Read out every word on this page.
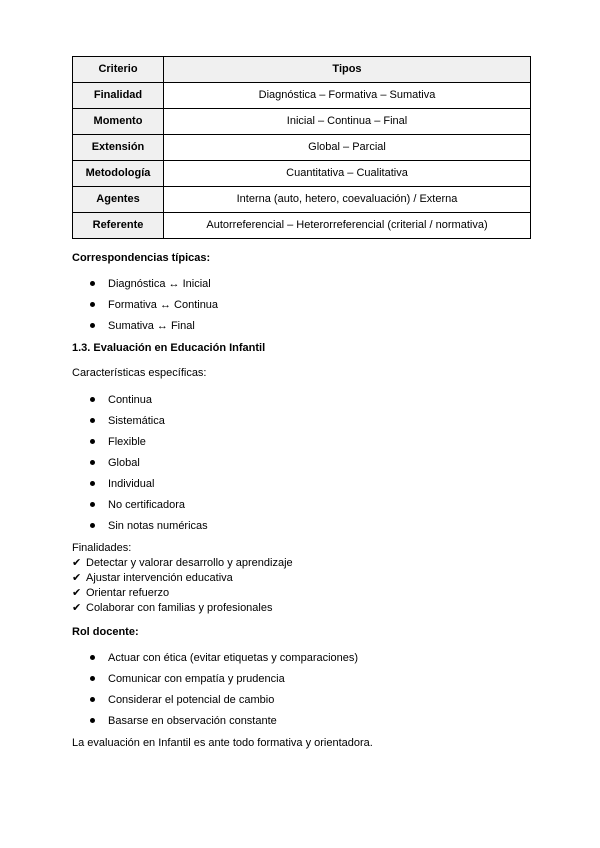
Criterio	Tipos
Finalidad	Diagnóstica – Formativa – Sumativa
Momento	Inicial – Continua – Final
Extensión	Global – Parcial
Metodología	Cuantitativa – Cualitativa
Agentes	Interna (auto, hetero, coevaluación) / Externa
Referente	Autorreferencial – Heterorreferencial (criterial / normativa)

Correspondencias típicas:

Diagnóstica ↔ Inicial
Formativa ↔ Continua
Sumativa ↔ Final

1.3. Evaluación en Educación Infantil

Características específicas:

Continua
Sistemática
Flexible
Global
Individual
No certificadora
Sin notas numéricas

Finalidades:

✔ Detectar y valorar desarrollo y aprendizaje
✔ Ajustar intervención educativa
✔ Orientar refuerzo
✔ Colaborar con familias y profesionales

Rol docente:

Actuar con ética (evitar etiquetas y comparaciones)
Comunicar con empatía y prudencia
Considerar el potencial de cambio
Basarse en observación constante

La evaluación en Infantil es ante todo formativa y orientadora.
